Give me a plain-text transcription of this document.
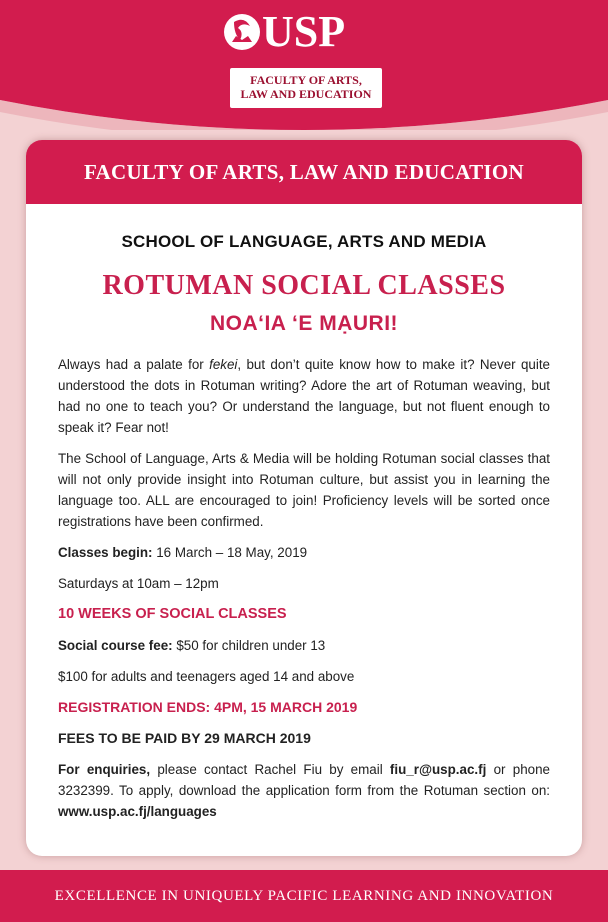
USP
FACULTY OF ARTS,
LAW AND EDUCATION
FACULTY OF ARTS, LAW AND EDUCATION
SCHOOL OF LANGUAGE, ARTS AND MEDIA
ROTUMAN SOCIAL CLASSES
NOA‘IA ‘E MẠURI!

Always had a palate for fekei, but don’t quite know how to make it? Never quite understood the dots in Rotuman writing? Adore the art of Rotuman weaving, but had no one to teach you? Or understand the language, but not fluent enough to speak it? Fear not!

The School of Language, Arts & Media will be holding Rotuman social classes that will not only provide insight into Rotuman culture, but assist you in learning the language too. ALL are encouraged to join! Proficiency levels will be sorted once registrations have been confirmed.

Classes begin: 16 March – 18 May, 2019

Saturdays at 10am – 12pm

10 WEEKS OF SOCIAL CLASSES

Social course fee: $50 for children under 13

$100 for adults and teenagers aged 14 and above

REGISTRATION ENDS: 4PM, 15 MARCH 2019

FEES TO BE PAID BY 29 MARCH 2019

For enquiries, please contact Rachel Fiu by email fiu_r@usp.ac.fj or phone 3232399. To apply, download the application form from the Rotuman section on: www.usp.ac.fj/languages

EXCELLENCE IN UNIQUELY PACIFIC LEARNING AND INNOVATION
